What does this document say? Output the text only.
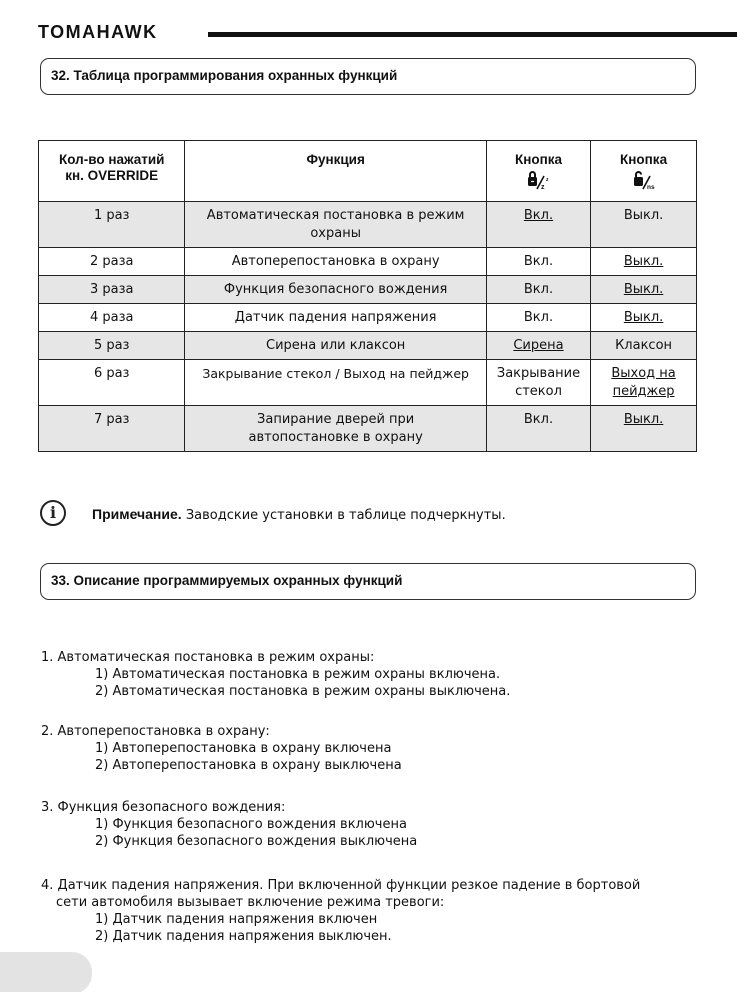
TOMAHAWK
32. Таблица программирования охранных функций
Кол-во нажатий
кн. OVERRIDE	Функция	Кнопка
z
z	Кнопка
ns

1 раз	Автоматическая постановка в режим охраны	Вкл.	Выкл.
2 раза	Автоперепостановка в охрану	Вкл.	Выкл.
3 раза	Функция безопасного вождения	Вкл.	Выкл.
4 раза	Датчик падения напряжения	Вкл.	Выкл.
5 раз	Сирена или клаксон	Сирена	Клаксон
6 раз	Закрывание стекол / Выход на пейджер	Закрывание стекол	Выход на пейджер
7 раз	Запирание дверей при автопостановке в охрану	Вкл.	Выкл.
i	Примечание. Заводские установки в таблице подчеркнуты.
33. Описание программируемых охранных функций
1. Автоматическая постановка в режим охраны:
1) Автоматическая постановка в режим охраны включена.
2) Автоматическая постановка в режим охраны выключена.
2. Автоперепостановка в охрану:
1) Автоперепостановка в охрану включена
2) Автоперепостановка в охрану выключена
3. Функция безопасного вождения:
1) Функция безопасного вождения включена
2) Функция безопасного вождения выключена
4. Датчик падения напряжения. При включенной функции резкое падение в бортовой
сети автомобиля вызывает включение режима тревоги:
1) Датчик падения напряжения включен
2) Датчик падения напряжения выключен.
